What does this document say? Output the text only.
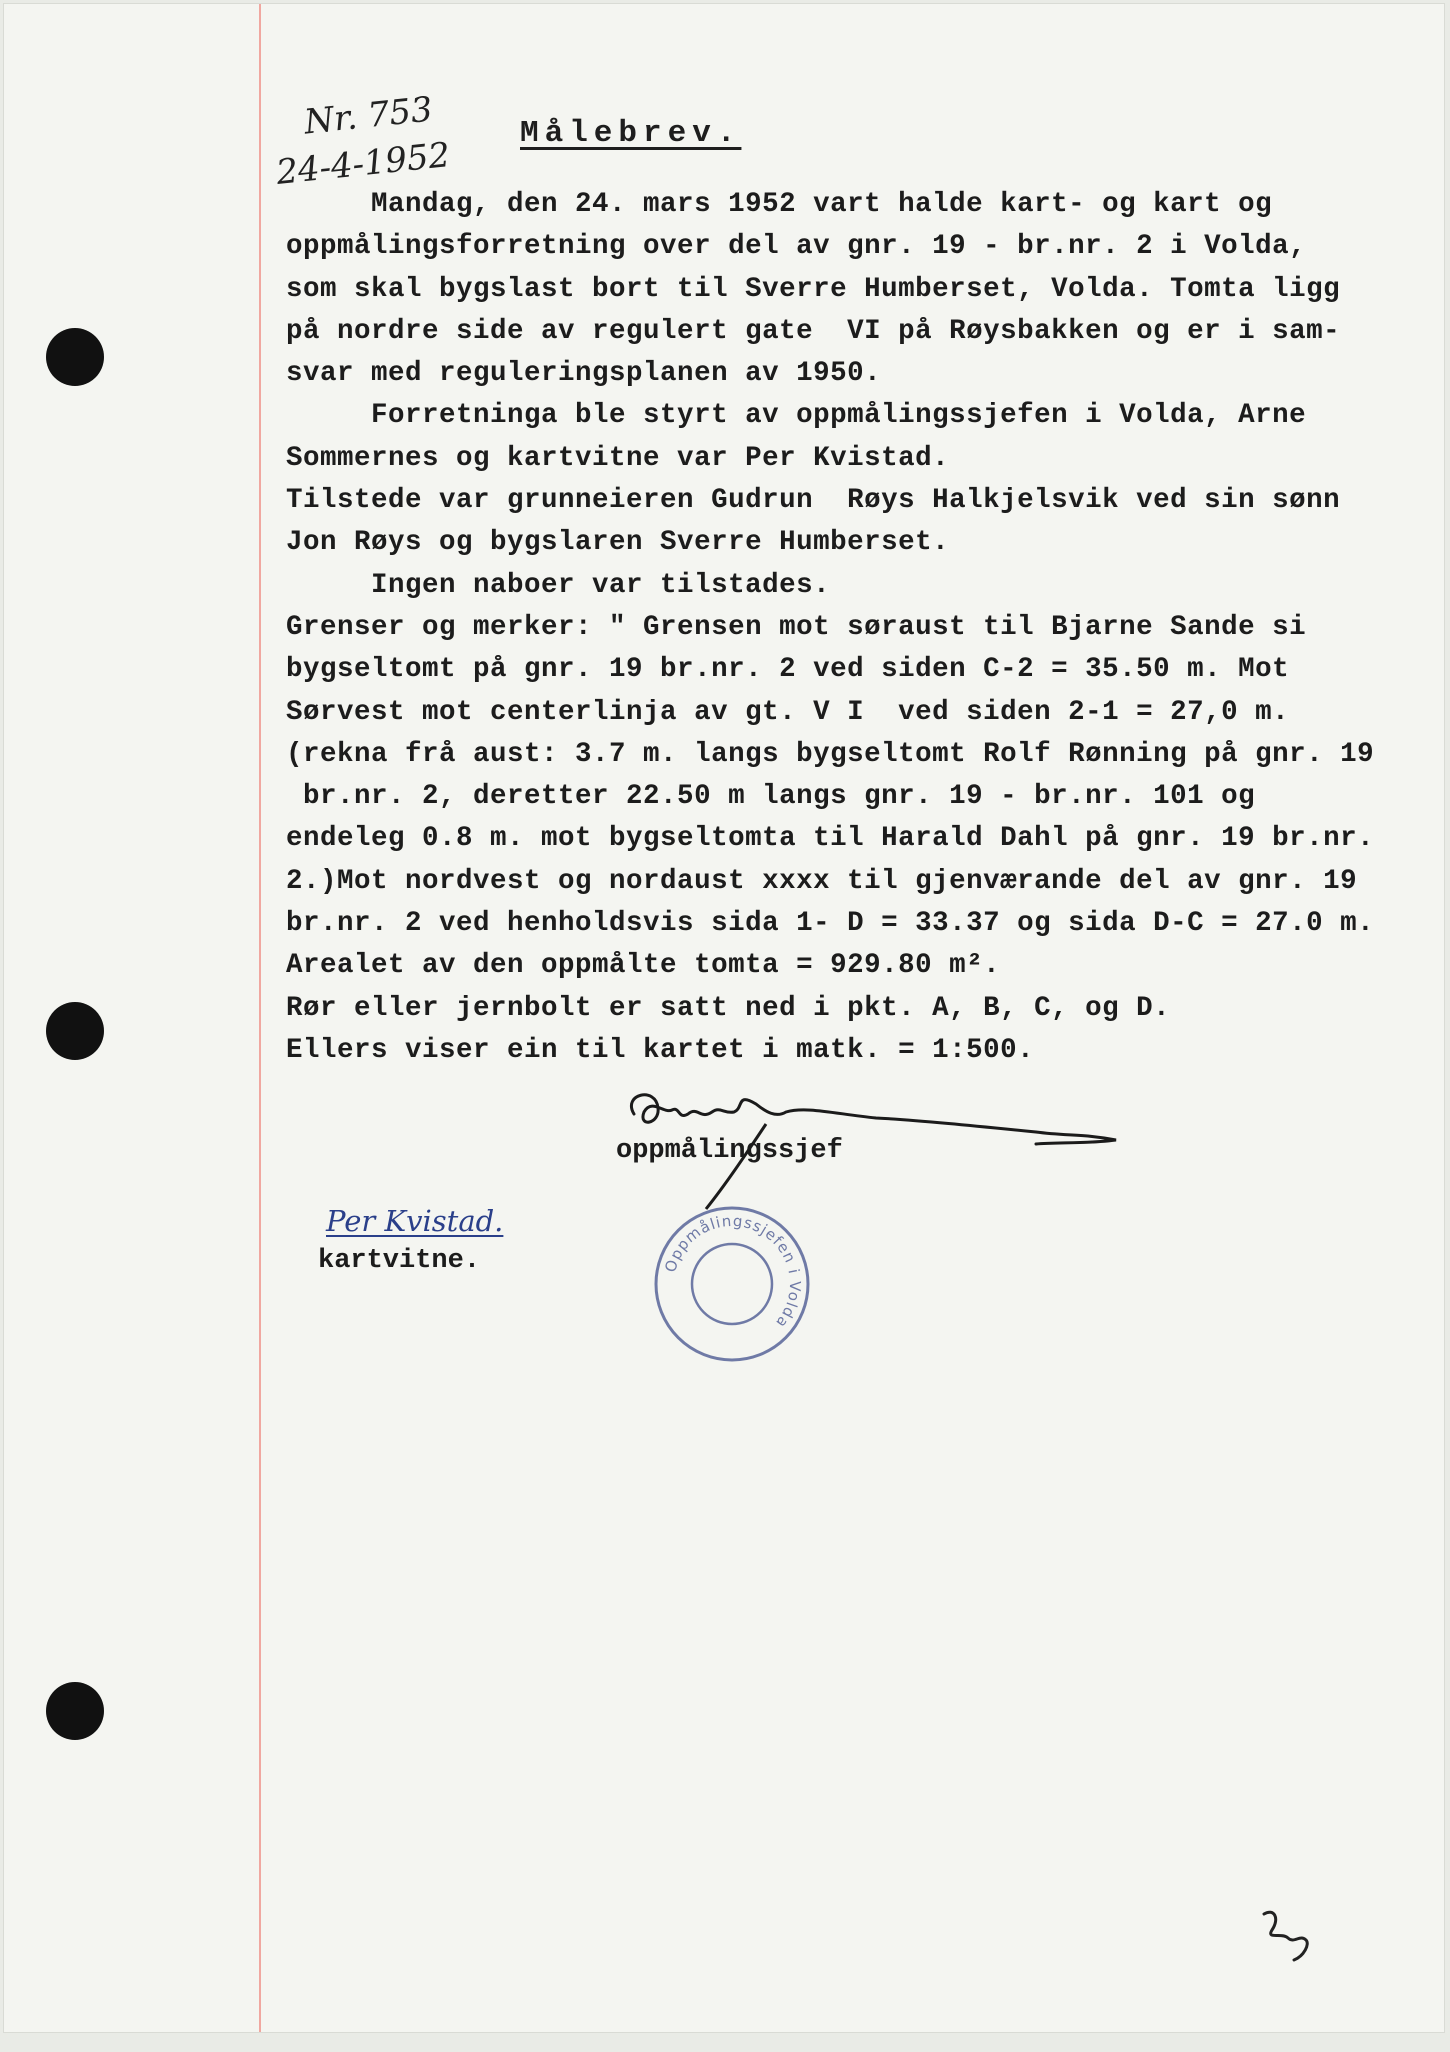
Nr. 753
24-4-1952
Målebrev.

Mandag, den 24. mars 1952 vart halde kart- og kart og

oppmålingsforretning over del av gnr. 19 - br.nr. 2 i Volda,

som skal bygslast bort til Sverre Humberset, Volda. Tomta ligg

på nordre side av regulert gate  VI på Røysbakken og er i sam-

svar med reguleringsplanen av 1950.

Forretninga ble styrt av oppmålingssjefen i Volda, Arne

Sommernes og kartvitne var Per Kvistad.

Tilstede var grunneieren Gudrun  Røys Halkjelsvik ved sin sønn

Jon Røys og bygslaren Sverre Humberset.

Ingen naboer var tilstades.

Grenser og merker: " Grensen mot søraust til Bjarne Sande si

bygseltomt på gnr. 19 br.nr. 2 ved siden C-2 = 35.50 m. Mot

Sørvest mot centerlinja av gt. V I  ved siden 2-1 = 27,0 m.

(rekna frå aust: 3.7 m. langs bygseltomt Rolf Rønning på gnr. 19

br.nr. 2, deretter 22.50 m langs gnr. 19 - br.nr. 101 og

endeleg 0.8 m. mot bygseltomta til Harald Dahl på gnr. 19 br.nr.

2.)Mot nordvest og nordaust xxxx til gjenværande del av gnr. 19

br.nr. 2 ved henholdsvis sida 1- D = 33.37 og sida D-C = 27.0 m.

Arealet av den oppmålte tomta = 929.80 m².

Rør eller jernbolt er satt ned i pkt. A, B, C, og D.

Ellers viser ein til kartet i matk. = 1:500.

oppmålingssjef
Per Kvistad.
kartvitne.	Oppmålingssjefen i Volda
